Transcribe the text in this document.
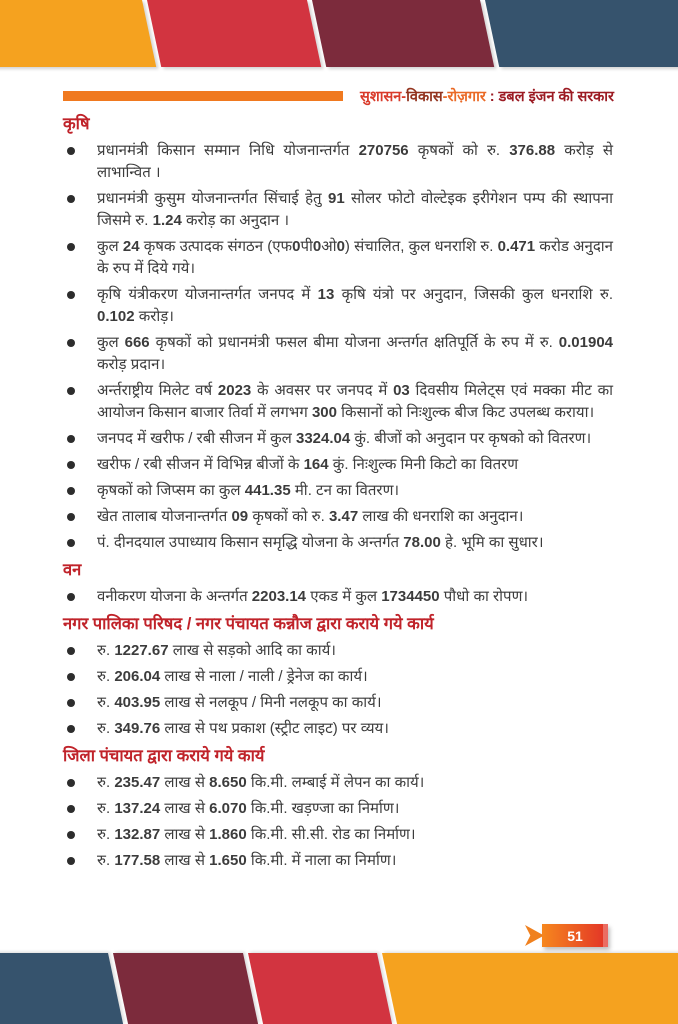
सुशासन-विकास-रोज़गार : डबल इंजन की सरकार
कृषि
प्रधानमंत्री किसान सम्मान निधि योजनान्तर्गत 270756 कृषकों को रु. 376.88 करोड़ से लाभान्वित ।
प्रधानमंत्री कुसुम योजनान्तर्गत सिंचाई हेतु 91 सोलर फोटो वोल्टेइक इरीगेशन पम्प की स्थापना जिसमे रु. 1.24 करोड़ का अनुदान ।
कुल 24 कृषक उत्पादक संगठन (एफ0पी0ओ0) संचालित, कुल धनराशि रु. 0.471 करोड अनुदान के रुप में दिये गये।
कृषि यंत्रीकरण योजनान्तर्गत जनपद में 13 कृषि यंत्रो पर अनुदान, जिसकी कुल धनराशि रु. 0.102 करोड़।
कुल 666 कृषकों को प्रधानमंत्री फसल बीमा योजना अन्तर्गत क्षतिपूर्ति के रुप में रु. 0.01904 करोड़ प्रदान।
अर्न्तराष्ट्रीय मिलेट वर्ष 2023 के अवसर पर जनपद में 03 दिवसीय मिलेट्स एवं मक्का मीट का आयोजन किसान बाजार तिर्वा में लगभग 300 किसानों को निःशुल्क बीज किट उपलब्ध कराया।
जनपद में खरीफ / रबी सीजन में कुल 3324.04 कुं. बीजों को अनुदान पर कृषको को वितरण।
खरीफ / रबी सीजन में विभिन्न बीजों के 164 कुं. निःशुल्क मिनी किटो का वितरण
कृषकों को जिप्सम का कुल 441.35 मी. टन का वितरण।
खेत तालाब योजनान्तर्गत 09 कृषकों को रु. 3.47 लाख की धनराशि का अनुदान।
पं. दीनदयाल उपाध्याय किसान समृद्धि योजना के अन्तर्गत 78.00 हे. भूमि का सुधार।
वन
वनीकरण योजना के अन्तर्गत 2203.14 एकड में कुल 1734450 पौधो का रोपण।
नगर पालिका परिषद / नगर पंचायत कन्नौज द्वारा कराये गये कार्य
रु. 1227.67 लाख से सड़को आदि का कार्य।
रु. 206.04 लाख से नाला / नाली / ड्रेनेज का कार्य।
रु. 403.95 लाख से नलकूप / मिनी नलकूप का कार्य।
रु. 349.76 लाख से पथ प्रकाश (स्ट्रीट लाइट) पर व्यय।
जिला पंचायत द्वारा कराये गये कार्य
रु. 235.47 लाख से 8.650 कि.मी. लम्बाई में लेपन का कार्य।
रु. 137.24 लाख से 6.070 कि.मी. खड़ण्जा का निर्माण।
रु. 132.87 लाख से 1.860 कि.मी. सी.सी. रोड का निर्माण।
रु. 177.58 लाख से 1.650 कि.मी. में नाला का निर्माण।
51
